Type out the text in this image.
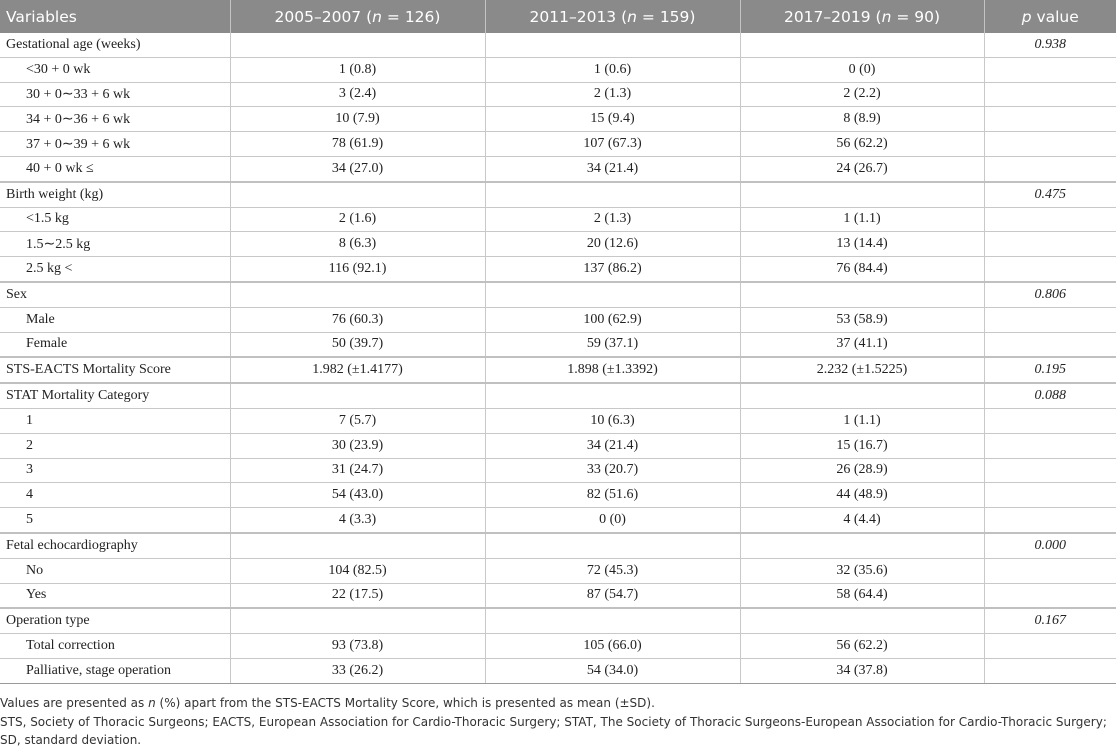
Variables	2005–2007 (n = 126)	2011–2013 (n = 159)	2017–2019 (n = 90)	p value
Gestational age (weeks)				0.938
<30 + 0 wk	1 (0.8)	1 (0.6)	0 (0)	
30 + 0∼33 + 6 wk	3 (2.4)	2 (1.3)	2 (2.2)	
34 + 0∼36 + 6 wk	10 (7.9)	15 (9.4)	8 (8.9)	
37 + 0∼39 + 6 wk	78 (61.9)	107 (67.3)	56 (62.2)	
40 + 0 wk ≤	34 (27.0)	34 (21.4)	24 (26.7)	
Birth weight (kg)				0.475
<1.5 kg	2 (1.6)	2 (1.3)	1 (1.1)	
1.5∼2.5 kg	8 (6.3)	20 (12.6)	13 (14.4)	
2.5 kg <	116 (92.1)	137 (86.2)	76 (84.4)	
Sex				0.806
Male	76 (60.3)	100 (62.9)	53 (58.9)	
Female	50 (39.7)	59 (37.1)	37 (41.1)	
STS-EACTS Mortality Score	1.982 (±1.4177)	1.898 (±1.3392)	2.232 (±1.5225)	0.195
STAT Mortality Category				0.088
1	7 (5.7)	10 (6.3)	1 (1.1)	
2	30 (23.9)	34 (21.4)	15 (16.7)	
3	31 (24.7)	33 (20.7)	26 (28.9)	
4	54 (43.0)	82 (51.6)	44 (48.9)	
5	4 (3.3)	0 (0)	4 (4.4)	
Fetal echocardiography				0.000
No	104 (82.5)	72 (45.3)	32 (35.6)	
Yes	22 (17.5)	87 (54.7)	58 (64.4)	
Operation type				0.167
Total correction	93 (73.8)	105 (66.0)	56 (62.2)	
Palliative, stage operation	33 (26.2)	54 (34.0)	34 (37.8)	

Values are presented as n (%) apart from the STS-EACTS Mortality Score, which is presented as mean (±SD).

STS, Society of Thoracic Surgeons; EACTS, European Association for Cardio-Thoracic Surgery; STAT, The Society of Thoracic Surgeons-European Association for Cardio-Thoracic Surgery; SD, standard deviation.
